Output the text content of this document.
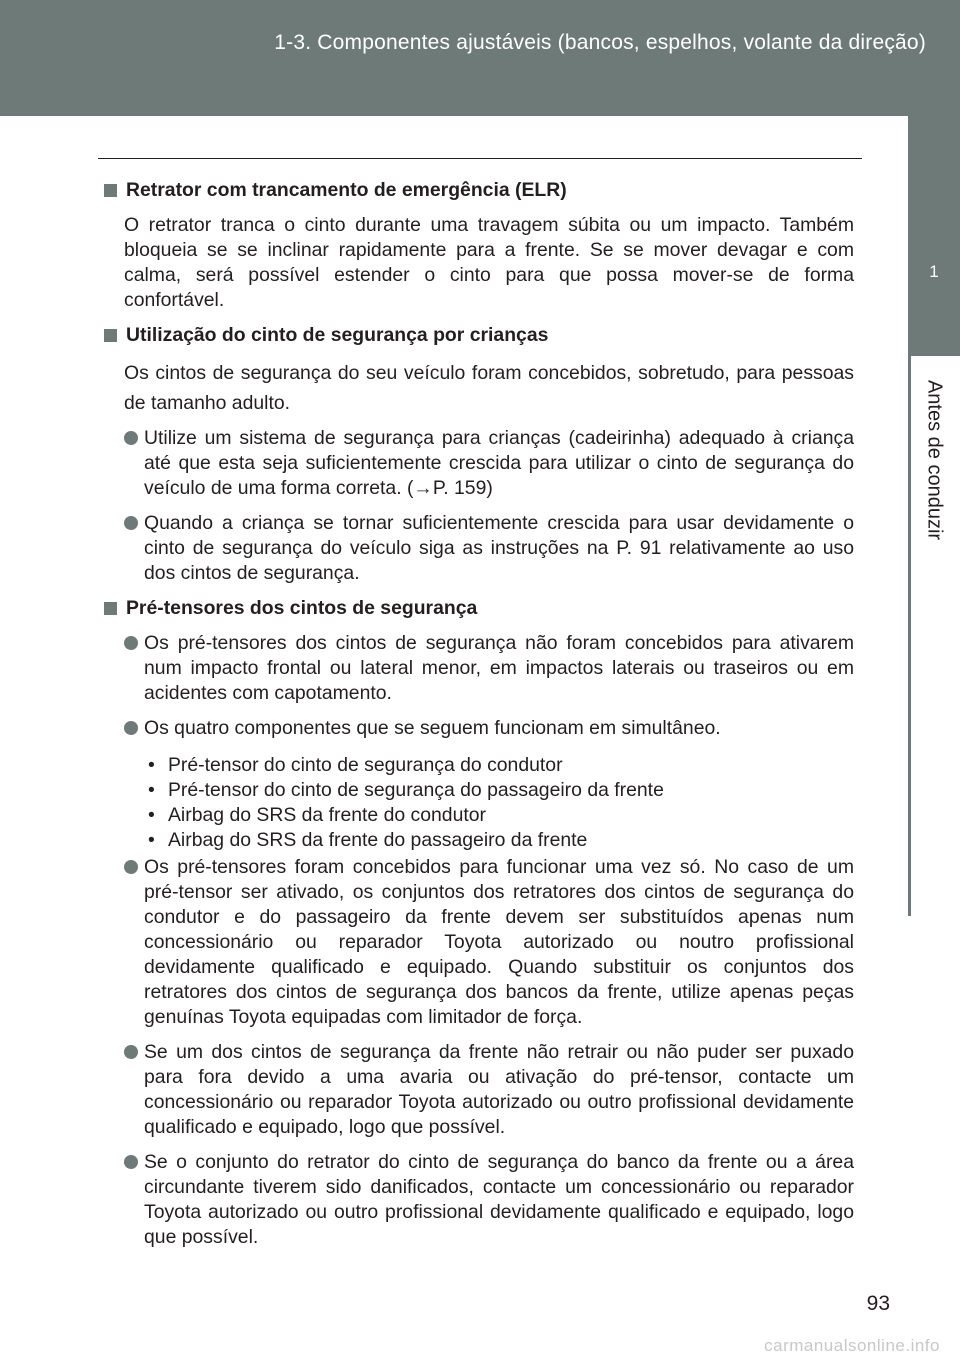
1-3. Componentes ajustáveis (bancos, espelhos, volante da direção)
1
Antes de conduzir
Retrator com trancamento de emergência (ELR)

O retrator tranca o cinto durante uma travagem súbita ou um impacto. Também bloqueia se se inclinar rapidamente para a frente. Se se mover devagar e com calma, será possível estender o cinto para que possa mover-se de forma confortável.

Utilização do cinto de segurança por crianças

Os cintos de segurança do seu veículo foram concebidos, sobretudo, para pessoas de tamanho adulto.

Utilize um sistema de segurança para crianças (cadeirinha) adequado à criança até que esta seja suficientemente crescida para utilizar o cinto de segurança do veículo de uma forma correta. (→P. 159)
Quando a criança se tornar suficientemente crescida para usar devidamente o cinto de segurança do veículo siga as instruções na P. 91 relativamente ao uso dos cintos de segurança.
Pré-tensores dos cintos de segurança
Os pré-tensores dos cintos de segurança não foram concebidos para ativarem num impacto frontal ou lateral menor, em impactos laterais ou traseiros ou em acidentes com capotamento.
Os quatro componentes que se seguem funcionam em simultâneo.
• Pré-tensor do cinto de segurança do condutor
• Pré-tensor do cinto de segurança do passageiro da frente
• Airbag do SRS da frente do condutor
• Airbag do SRS da frente do passageiro da frente
Os pré-tensores foram concebidos para funcionar uma vez só. No caso de um pré-tensor ser ativado, os conjuntos dos retratores dos cintos de segurança do condutor e do passageiro da frente devem ser substituídos apenas num concessionário ou reparador Toyota autorizado ou noutro profissional devidamente qualificado e equipado. Quando substituir os conjuntos dos retratores dos cintos de segurança dos bancos da frente, utilize apenas peças genuínas Toyota equipadas com limitador de força.
Se um dos cintos de segurança da frente não retrair ou não puder ser puxado para fora devido a uma avaria ou ativação do pré-tensor, contacte um concessionário ou reparador Toyota autorizado ou outro profissional devidamente qualificado e equipado, logo que possível.
Se o conjunto do retrator do cinto de segurança do banco da frente ou a área circundante tiverem sido danificados, contacte um concessionário ou reparador Toyota autorizado ou outro profissional devidamente qualificado e equipado, logo que possível.
93
carmanualsonline.info
